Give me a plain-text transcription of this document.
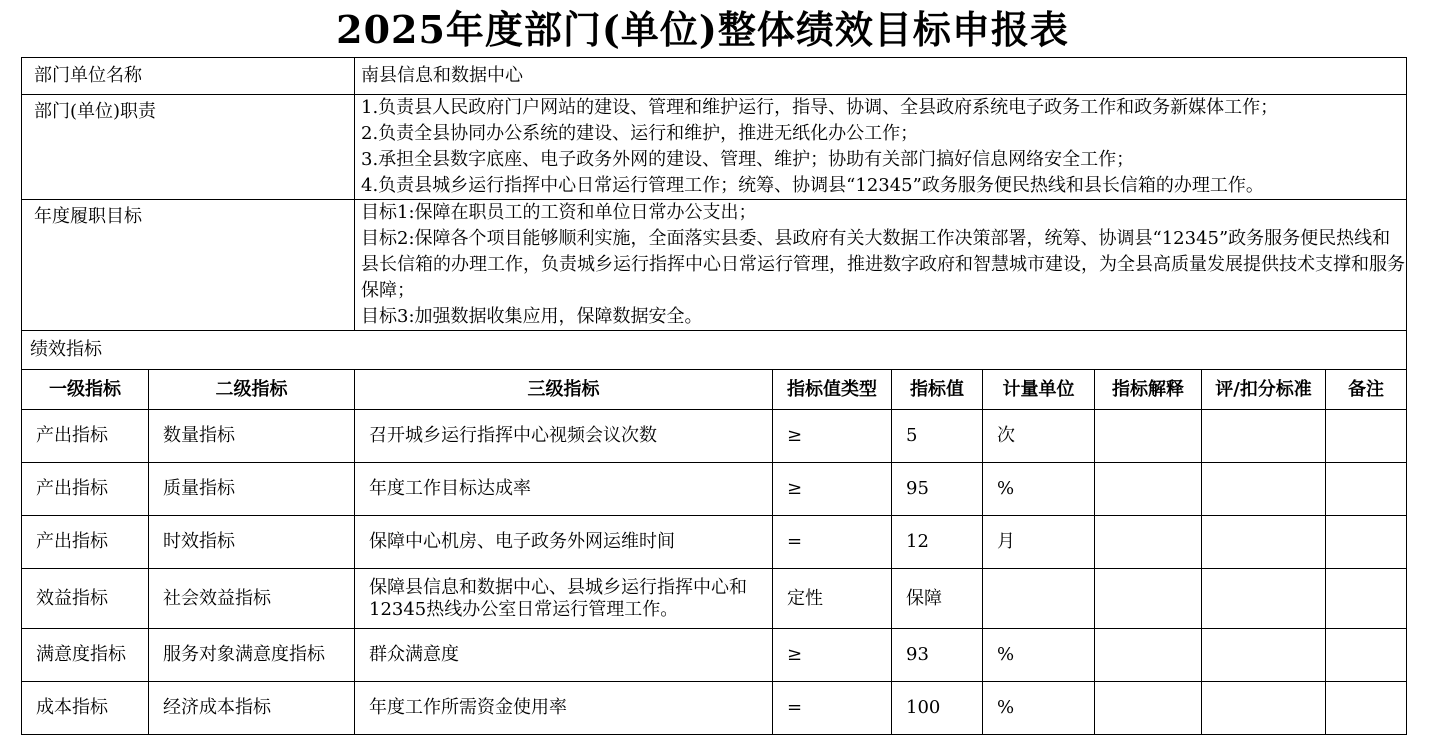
2025年度部门(单位)整体绩效目标申报表
部门单位名称		南县信息和数据中心						
部门(单位)职责		1.负责县人民政府门户网站的建设、管理和维护运行，指导、协调、全县政府系统电子政务工作和政务新媒体工作；
2.负责全县协同办公系统的建设、运行和维护，推进无纸化办公工作；
3.承担全县数字底座、电子政务外网的建设、管理、维护；协助有关部门搞好信息网络安全工作；
4.负责县城乡运行指挥中心日常运行管理工作；统筹、协调县“12345”政务服务便民热线和县长信箱的办理工作。						

年度履职目标		目标1:保障在职员工的工资和单位日常办公支出；
目标2:保障各个项目能够顺利实施，全面落实县委、县政府有关大数据工作决策部署，统筹、协调县“12345”政务服务便民热线和县长信箱的办理工作，负责城乡运行指挥中心日常运行管理，推进数字政府和智慧城市建设，为全县高质量发展提供技术支撑和服务保障；
目标3:加强数据收集应用，保障数据安全。						

绩效指标								
一级指标	二级指标	三级指标	指标值类型	指标值	计量单位	指标解释	评/扣分标准	备注
产出指标	数量指标	召开城乡运行指挥中心视频会议次数	≥	5	次			
产出指标	质量指标	年度工作目标达成率	≥	95	%			
产出指标	时效指标	保障中心机房、电子政务外网运维时间	=	12	月			
效益指标	社会效益指标	保障县信息和数据中心、县城乡运行指挥中心和12345热线办公室日常运行管理工作。	定性	保障				
满意度指标	服务对象满意度指标	群众满意度	≥	93	%			
成本指标	经济成本指标	年度工作所需资金使用率	=	100	%			
